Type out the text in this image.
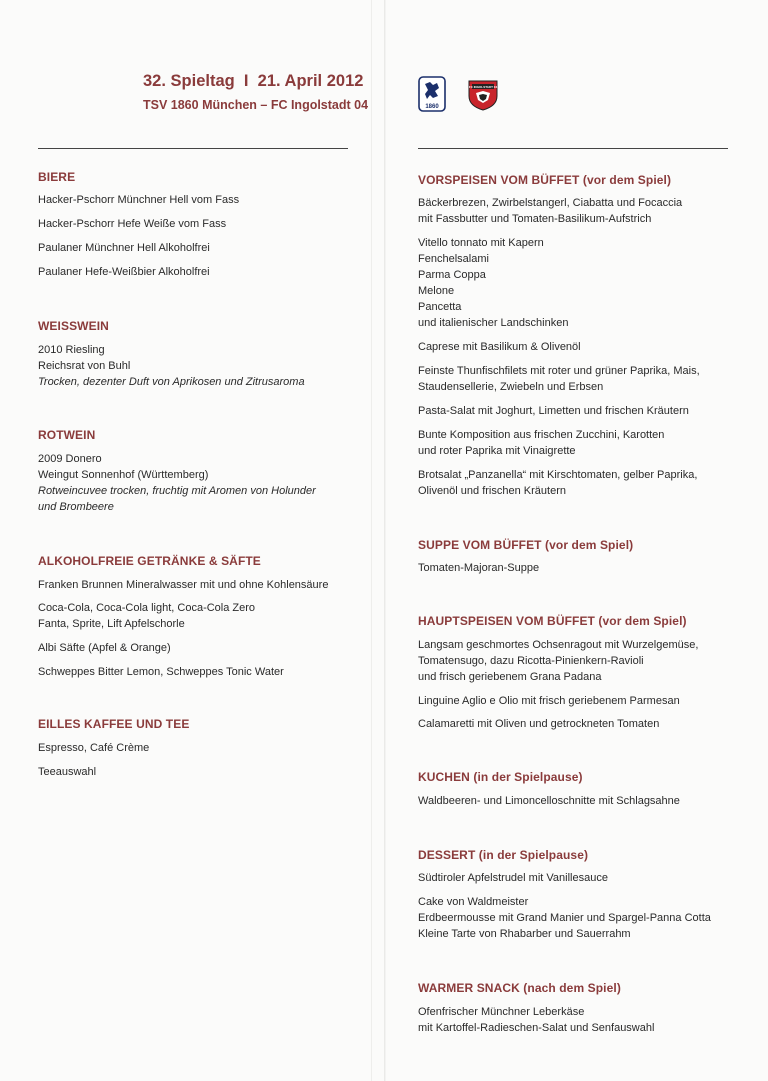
32. Spieltag I 21. April 2012
TSV 1860 München – FC Ingolstadt 04	1860
FC INGOLSTADT 04
BIERE
Hacker-Pschorr Münchner Hell vom Fass
Hacker-Pschorr Hefe Weiße vom Fass
Paulaner Münchner Hell Alkoholfrei
Paulaner Hefe-Weißbier Alkoholfrei
WEISSWEIN
2010 Riesling
Reichsrat von Buhl
Trocken, dezenter Duft von Aprikosen und Zitrusaroma
ROTWEIN
2009 Donero
Weingut Sonnenhof (Württemberg)
Rotweincuvee trocken, fruchtig mit Aromen von Holunder
und Brombeere
ALKOHOLFREIE GETRÄNKE & SÄFTE
Franken Brunnen Mineralwasser mit und ohne Kohlensäure
Coca-Cola, Coca-Cola light, Coca-Cola Zero
Fanta, Sprite, Lift Apfelschorle
Albi Säfte (Apfel & Orange)
Schweppes Bitter Lemon, Schweppes Tonic Water
EILLES KAFFEE UND TEE
Espresso, Café Crème
Teeauswahl
VORSPEISEN VOM BÜFFET (vor dem Spiel)
Bäckerbrezen, Zwirbelstangerl, Ciabatta und Focaccia
mit Fassbutter und Tomaten-Basilikum-Aufstrich
Vitello tonnato mit Kapern
Fenchelsalami
Parma Coppa
Melone
Pancetta
und italienischer Landschinken
Caprese mit Basilikum & Olivenöl
Feinste Thunfischfilets mit roter und grüner Paprika, Mais,
Staudensellerie, Zwiebeln und Erbsen
Pasta-Salat mit Joghurt, Limetten und frischen Kräutern
Bunte Komposition aus frischen Zucchini, Karotten
und roter Paprika mit Vinaigrette
Brotsalat „Panzanella“ mit Kirschtomaten, gelber Paprika,
Olivenöl und frischen Kräutern
SUPPE VOM BÜFFET (vor dem Spiel)
Tomaten-Majoran-Suppe
HAUPTSPEISEN VOM BÜFFET (vor dem Spiel)
Langsam geschmortes Ochsenragout mit Wurzelgemüse,
Tomatensugo, dazu Ricotta-Pinienkern-Ravioli
und frisch geriebenem Grana Padana
Linguine Aglio e Olio mit frisch geriebenem Parmesan
Calamaretti mit Oliven und getrockneten Tomaten
KUCHEN (in der Spielpause)
Waldbeeren- und Limoncelloschnitte mit Schlagsahne
DESSERT (in der Spielpause)
Südtiroler Apfelstrudel mit Vanillesauce
Cake von Waldmeister
Erdbeermousse mit Grand Manier und Spargel-Panna Cotta
Kleine Tarte von Rhabarber und Sauerrahm
WARMER SNACK (nach dem Spiel)
Ofenfrischer Münchner Leberkäse
mit Kartoffel-Radieschen-Salat und Senfauswahl
